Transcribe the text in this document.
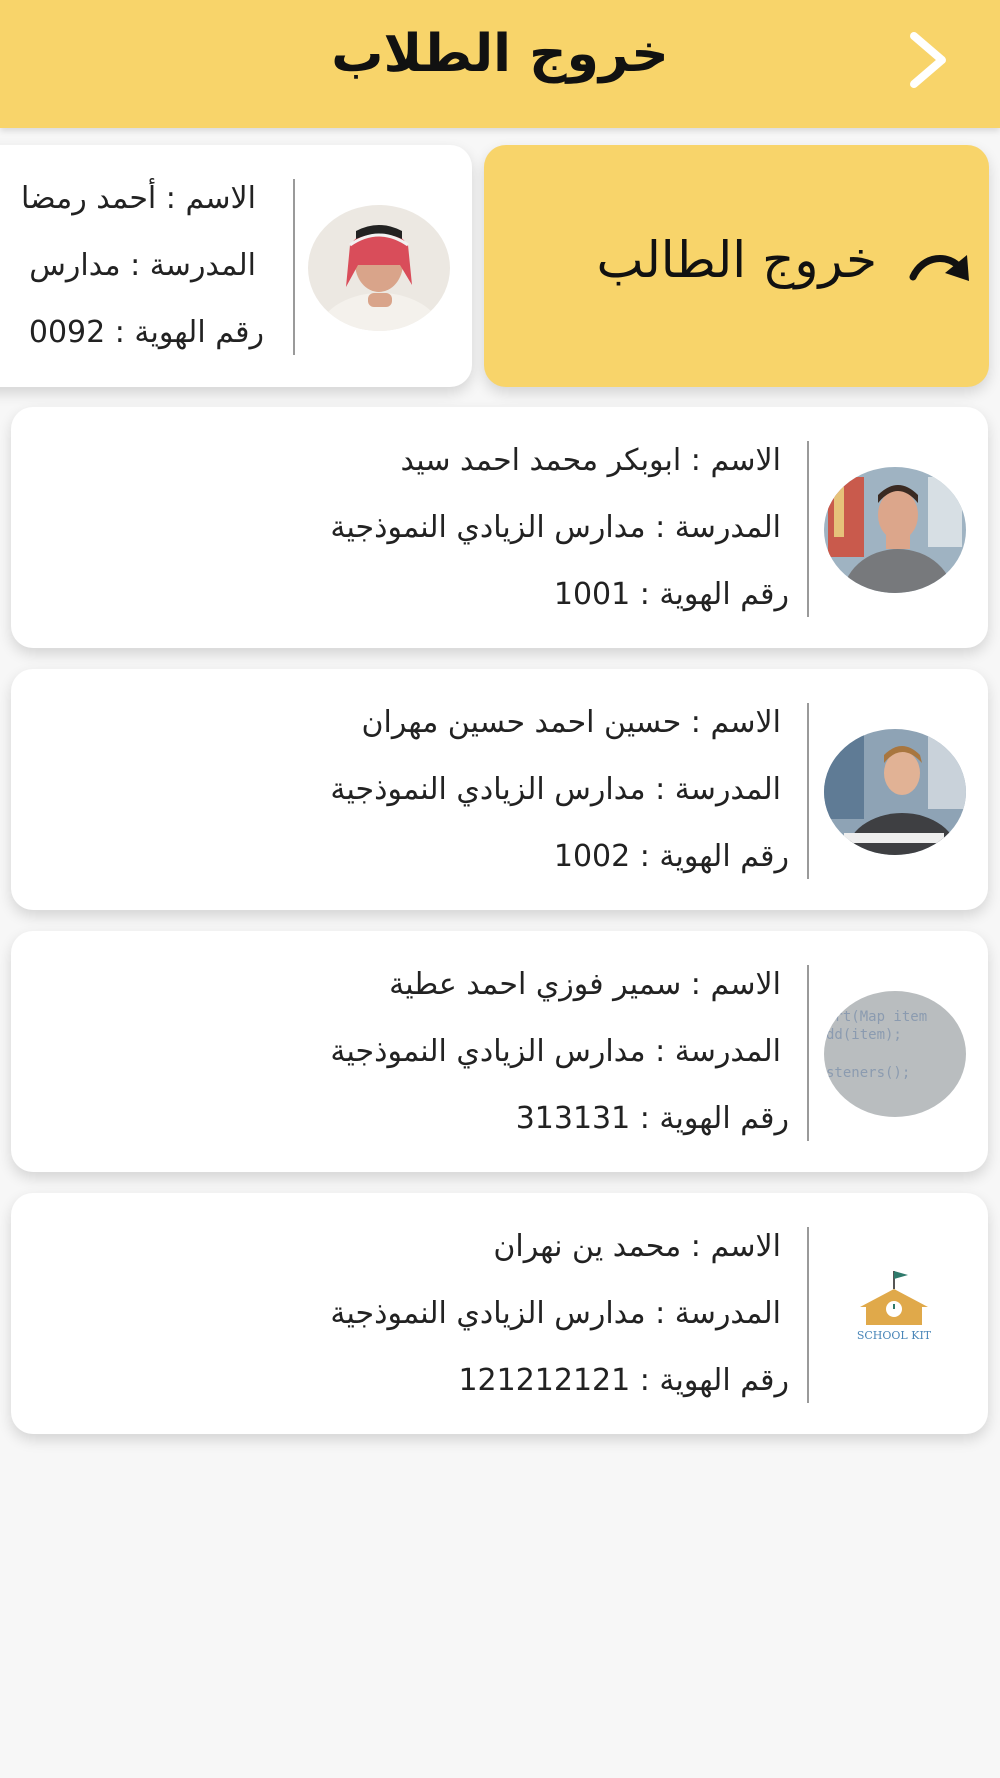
خروج الطلاب
خروج الطالب
الاسم : أحمد رمضا
المدرسة : مدارس
رقم الهوية : 0092
الاسم : ابوبكر محمد احمد سيد
المدرسة : مدارس الزيادي النموذجية
رقم الهوية : 1001
الاسم : حسين احمد حسين مهران
المدرسة : مدارس الزيادي النموذجية
رقم الهوية : 1002
art(Map item
dd(item);
steners();
الاسم : سمير فوزي احمد عطية
المدرسة : مدارس الزيادي النموذجية
رقم الهوية : 313131
SCHOOL KIT
الاسم : محمد ين نهران
المدرسة : مدارس الزيادي النموذجية
رقم الهوية : 121212121
